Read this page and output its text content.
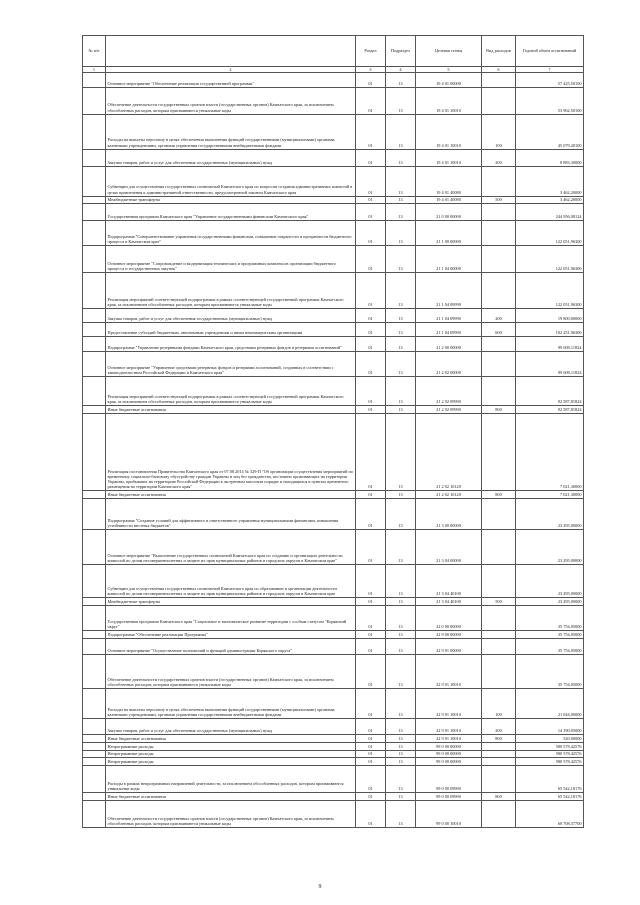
№ п/п		Раздел	Подраздел	Целевая статья	Вид расходов	Годовой объем ассигнований
1	2	3	4	5	6	7
	Основное мероприятие "Обеспечение реализации государственной программы"	01	13	19 4 01 00000		57 425,50100
	Обеспечение деятельности государственных органов власти (государственных органов) Камчатского края, за исключением обособленных расходов, которым присваиваются уникальные коды	01	13	19 4 01 10010		53 962,50100
	Расходы на выплаты персоналу в целях обеспечения выполнения функций государственными (муниципальными) органами, казенными учреждениями, органами управления государственными внебюджетными фондами	01	13	19 4 01 10010	100	45 079,20100
	Закупка товаров, работ и услуг для обеспечения государственных (муниципальных) нужд	01	13	19 4 01 10010	200	8 883,30000
	Субвенции для осуществления государственных полномочий Камчатского края по вопросам создания административных комиссий в целях привлечения к административной ответственности, предусмотренной законом Камчатского края	01	13	19 4 01 40080		3 462,20000
	Межбюджетные трансферты	01	13	19 4 01 40080	500	3 462,20000
	Государственная программа Камчатского края "Управление государственными финансами Камчатского края"	01	13	21 0 00 00000		244 956,08124
	Подпрограмма "Совершенствование управления государственными финансами, повышение открытости и прозрачности бюджетного процесса в Камчатском крае"	01	13	21 1 00 00000		122 051,96300
	Основное мероприятие "Сопровождение и модернизация технических и программных комплексов организации бюджетного процесса и государственных закупок"	01	13	21 1 04 00000		122 051,96300
	Реализация мероприятий соответствующей подпрограммы в рамках соответствующей государственной программы Камчатского края, за исключением обособленных расходов, которым присваиваются уникальные коды	01	13	21 1 04 09990		122 051,96300
	Закупка товаров, работ и услуг для обеспечения государственных (муниципальных) нужд	01	13	21 1 04 09990	200	19 800,00000
	Предоставление субсидий бюджетным, автономным учреждениям и иным некоммерческим организациям	01	13	21 1 04 09990	600	102 251,96300
	Подпрограмма "Управление резервными фондами Камчатского края, средствами резервных фондов и резервами ассигнований"	01	13	21 2 00 00000		99 609,11824
	Основное мероприятие "Управление средствами резервных фондов и резервами ассигнований, созданных в соответствии с законодательством Российской Федерации и Камчатского края"	01	13	21 2 02 00000		99 609,11824
	Реализация мероприятий соответствующей подпрограммы в рамках соответствующей государственной программы Камчатского края, за исключением обособленных расходов, которым присваиваются уникальные коды	01	13	21 2 02 09990		92 587,81824
	Иные бюджетные ассигнования	01	13	21 2 02 09990	800	92 587,81824
	Реализация постановления Правительства Камчатского края от 07.08.2014 № 329-П "Об организации осуществления мероприятий по временному социально-бытовому обустройству граждан Украины и лиц без гражданства, постоянно проживающих на территории Украины, прибывших на территорию Российской Федерации в экстренном массовом порядке и находящихся в пунктах временного размещения на территории Камчатского края"	01	13	21 2 02 10120		7 021,30000
	Иные бюджетные ассигнования	01	13	21 2 02 10120	800	7 021,30000
	Подпрограмма "Создание условий для эффективного и ответственного управления муниципальными финансами, повышения устойчивости местных бюджетов"	01	13	21 3 00 00000		23 295,00000
	Основное мероприятие "Выполнение государственных полномочий Камчатского края по созданию и организации деятельности комиссий по делам несовершеннолетних и защите их прав муниципальных районов и городских округов в Камчатском крае"	01	13	21 3 04 00000		23 295,00000
	Субвенции для осуществления государственных полномочий Камчатского края по образованию и организации деятельности комиссий по делам несовершеннолетних и защите их прав муниципальных районов и городских округов в Камчатском крае	01	13	21 3 04 40100		23 295,00000
	Межбюджетные трансферты	01	13	21 3 04 40100	500	23 295,00000
	Государственная программа Камчатского края "Социальное и экономическое развитие территории с особым статусом "Корякский округ"	01	13	22 0 00 00000		35 754,05000
	Подпрограмма "Обеспечение реализации Программы"	01	13	22 9 00 00000		35 754,05000
	Основное мероприятие "Осуществление полномочий и функций администрации Корякского округа"	01	13	22 9 01 00000		35 754,05000
	Обеспечение деятельности государственных органов власти (государственных органов) Камчатского края, за исключением обособленных расходов, которым присваиваются уникальные коды	01	13	22 9 01 10010		35 754,05000
	Расходы на выплаты персоналу в целях обеспечения выполнения функций государственными (муниципальными) органами, казенными учреждениями, органами управления государственными внебюджетными фондами	01	13	22 9 01 10010	100	21 044,00000
	Закупка товаров, работ и услуг для обеспечения государственных (муниципальных) нужд	01	13	22 9 01 10010	200	14 190,05000
	Иные бюджетные ассигнования	01	13	22 9 01 10010	800	520,00000
	Непрограммные расходы	01	13	99 0 00 00000		580 578,42576
	Непрограммные расходы	01	13	99 0 00 00000		580 578,42576
	Непрограммные расходы	01	13	99 0 00 00000		580 578,42576
	Расходы в рамках непрограммных направлений деятельности, за исключением обособленных расходов, которым присваиваются уникальные коды	01	13	99 0 00 09990		65 542,18176
	Иные бюджетные ассигнования	01	13	99 0 00 09990	800	65 542,18176
	Обеспечение деятельности государственных органов власти (государственных органов) Камчатского края, за исключением обособленных расходов, которым присваиваются уникальные коды	01	13	99 0 00 10010		60 708,37700
9
